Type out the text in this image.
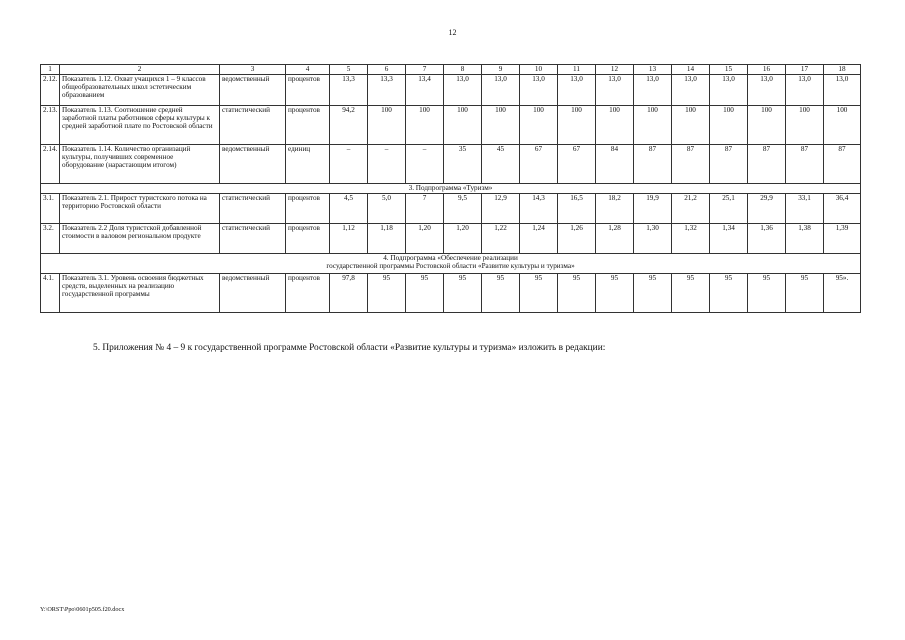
12
1	2	3	4	5	6	7	8	9	10	11	12	13	14	15	16	17	18
2.12.	Показатель 1.12. Охват учащихся 1 – 9 классов общеобразовательных школ эстетическим образованием	ведомственный	процентов	13,3	13,3	13,4	13,0	13,0	13,0	13,0	13,0	13,0	13,0	13,0	13,0	13,0	13,0
2.13.	Показатель 1.13. Соотношение средней заработной платы работников сферы культуры к средней заработной плате по Ростовской области	статистический	процентов	94,2	100	100	100	100	100	100	100	100	100	100	100	100	100
2.14.	Показатель 1.14. Количество организаций культуры, получивших современное оборудование (нарастающим итогом)	ведомственный	единиц	–	–	–	35	45	67	67	84	87	87	87	87	87	87

3. Подпрограмма «Туризм»																	

3.1.	Показатель 2.1. Прирост туристского потока на территорию Ростовской области	статистический	процентов	4,5	5,0	7	9,5	12,9	14,3	16,5	18,2	19,9	21,2	25,1	29,9	33,1	36,4
3.2.	Показатель 2.2 Доля туристской добавленной стоимости в валовом региональном продукте	статистический	процентов	1,12	1,18	1,20	1,20	1,22	1,24	1,26	1,28	1,30	1,32	1,34	1,36	1,38	1,39

4. Подпрограмма «Обеспечение реализации
государственной программы Ростовской области «Развитие культуры и туризма»																	

4.1.	Показатель 3.1. Уровень освоения бюджетных средств, выделенных на реализацию государственной программы	ведомственный	процентов	97,8	95	95	95	95	95	95	95	95	95	95	95	95	95».
5. Приложения № 4 – 9 к государственной программе Ростовской области «Развитие культуры и туризма» изложить в редакции:
Y:\ORST\Ppo\0601p505.f20.docx
